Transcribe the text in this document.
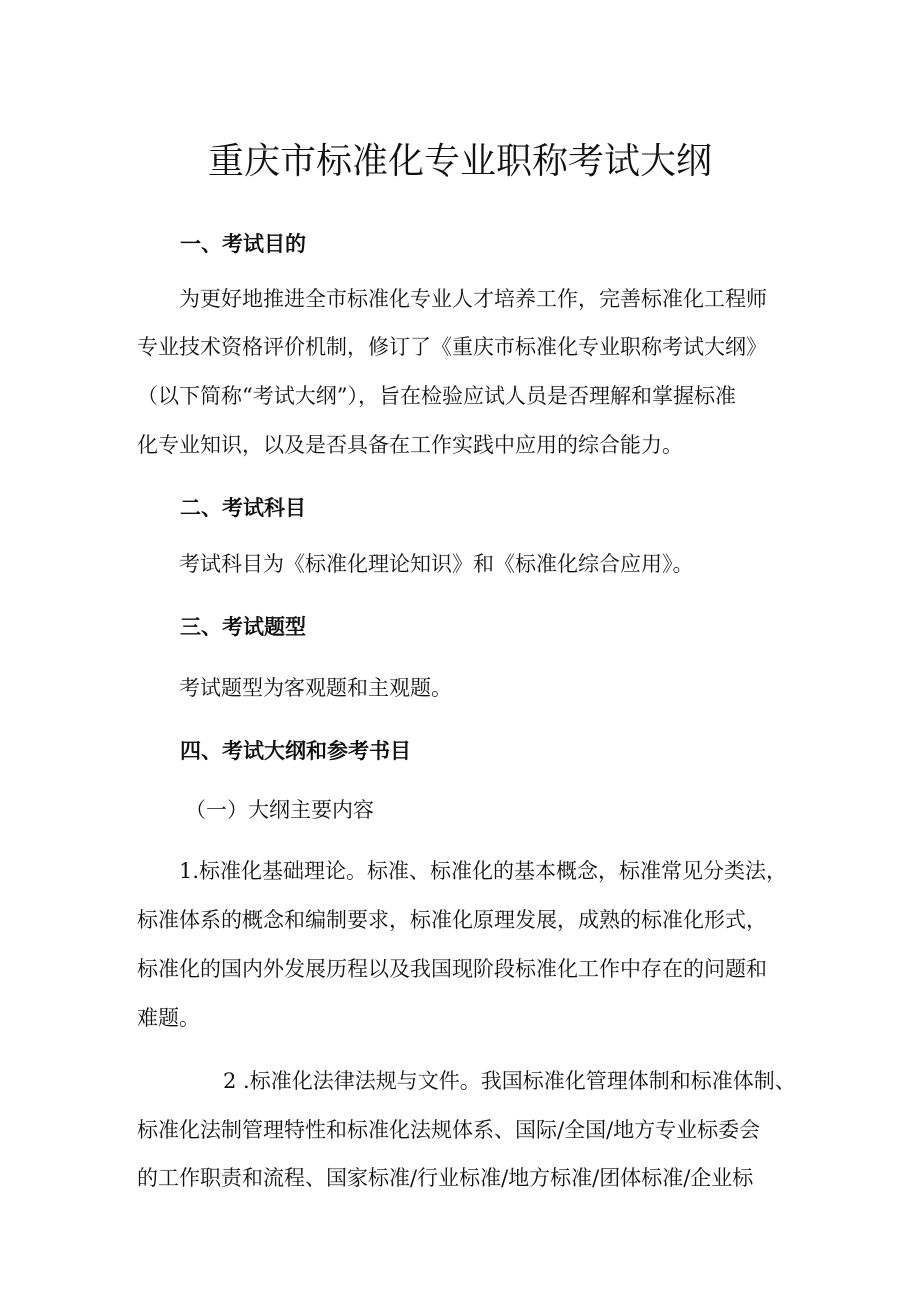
重庆市标准化专业职称考试大纲
一、考试目的
为更好地推进全市标准化专业人才培养工作，完善标准化工程师
专业技术资格评价机制，修订了《重庆市标准化专业职称考试大纲》
（以下简称“考试大纲”），旨在检验应试人员是否理解和掌握标准
化专业知识，以及是否具备在工作实践中应用的综合能力。
二、考试科目
考试科目为《标准化理论知识》和《标准化综合应用》。
三、考试题型
考试题型为客观题和主观题。
四、考试大纲和参考书目
（一）大纲主要内容
1.标准化基础理论。标准、标准化的基本概念，标准常见分类法，
标准体系的概念和编制要求，标准化原理发展，成熟的标准化形式，
标准化的国内外发展历程以及我国现阶段标准化工作中存在的问题和
难题。
2 .标准化法律法规与文件。我国标准化管理体制和标准体制、
标准化法制管理特性和标准化法规体系、国际/全国/地方专业标委会
的工作职责和流程、国家标准/行业标准/地方标准/团体标准/企业标
